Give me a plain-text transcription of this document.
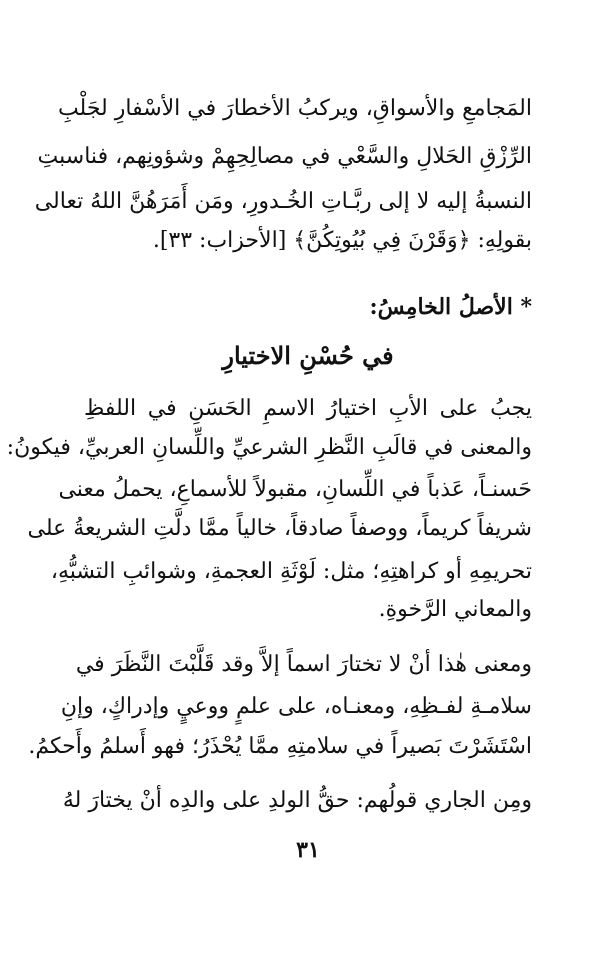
المَجامعِ والأسواقِ، ويركبُ الأخطارَ في الأسْفارِ لجَلْبِ
الرِّزْقِ الحَلالِ والسَّعْي في مصالِحِهِمْ وشؤونِهم، فناسبتِ
النسبةُ إليه لا إلى ربَّـاتِ الخُـدورِ، ومَن أَمَرَهُنَّ اللهُ تعالى
بقولِهِ: ﴿وَقَرْنَ فِي بُيُوتِكُنَّ﴾ [الأحزاب: ٣٣].
* الأصلُ الخامِسُ:
في حُسْنِ الاختيارِ
يجبُ على الأبِ اختيارُ الاسمِ الحَسَنِ في اللفظِ
والمعنى في قالَبِ النَّظرِ الشرعيِّ واللِّسانِ العربيِّ، فيكونُ:
حَسنـاً، عَذباً في اللِّسانِ، مقبولاً للأسماعِ، يحملُ معنى
شريفاً كريماً، ووصفاً صادقاً، خالياً ممَّا دلَّتِ الشريعةُ على
تحريمِهِ أو كراهتِهِ؛ مثل: لَوْثَةِ العجمةِ، وشوائبِ التشبُّهِ،
والمعاني الرَّخوةِ.
ومعنى هٰذا أنْ لا تختارَ اسماً إلاَّ وقد قَلَّبْتَ النَّظَرَ في
سلامـةِ لفـظِهِ، ومعنـاه، على علمٍ ووعيٍ وإدراكٍ، وإنِ
اسْتَشَرْتَ بَصيراً في سلامتِهِ ممَّا يُحْذَرُ؛ فهو أَسلمُ وأَحكمُ.
ومِن الجاري قولُهم: حقُّ الولدِ على والدِه أنْ يختارَ لهُ
٣١
